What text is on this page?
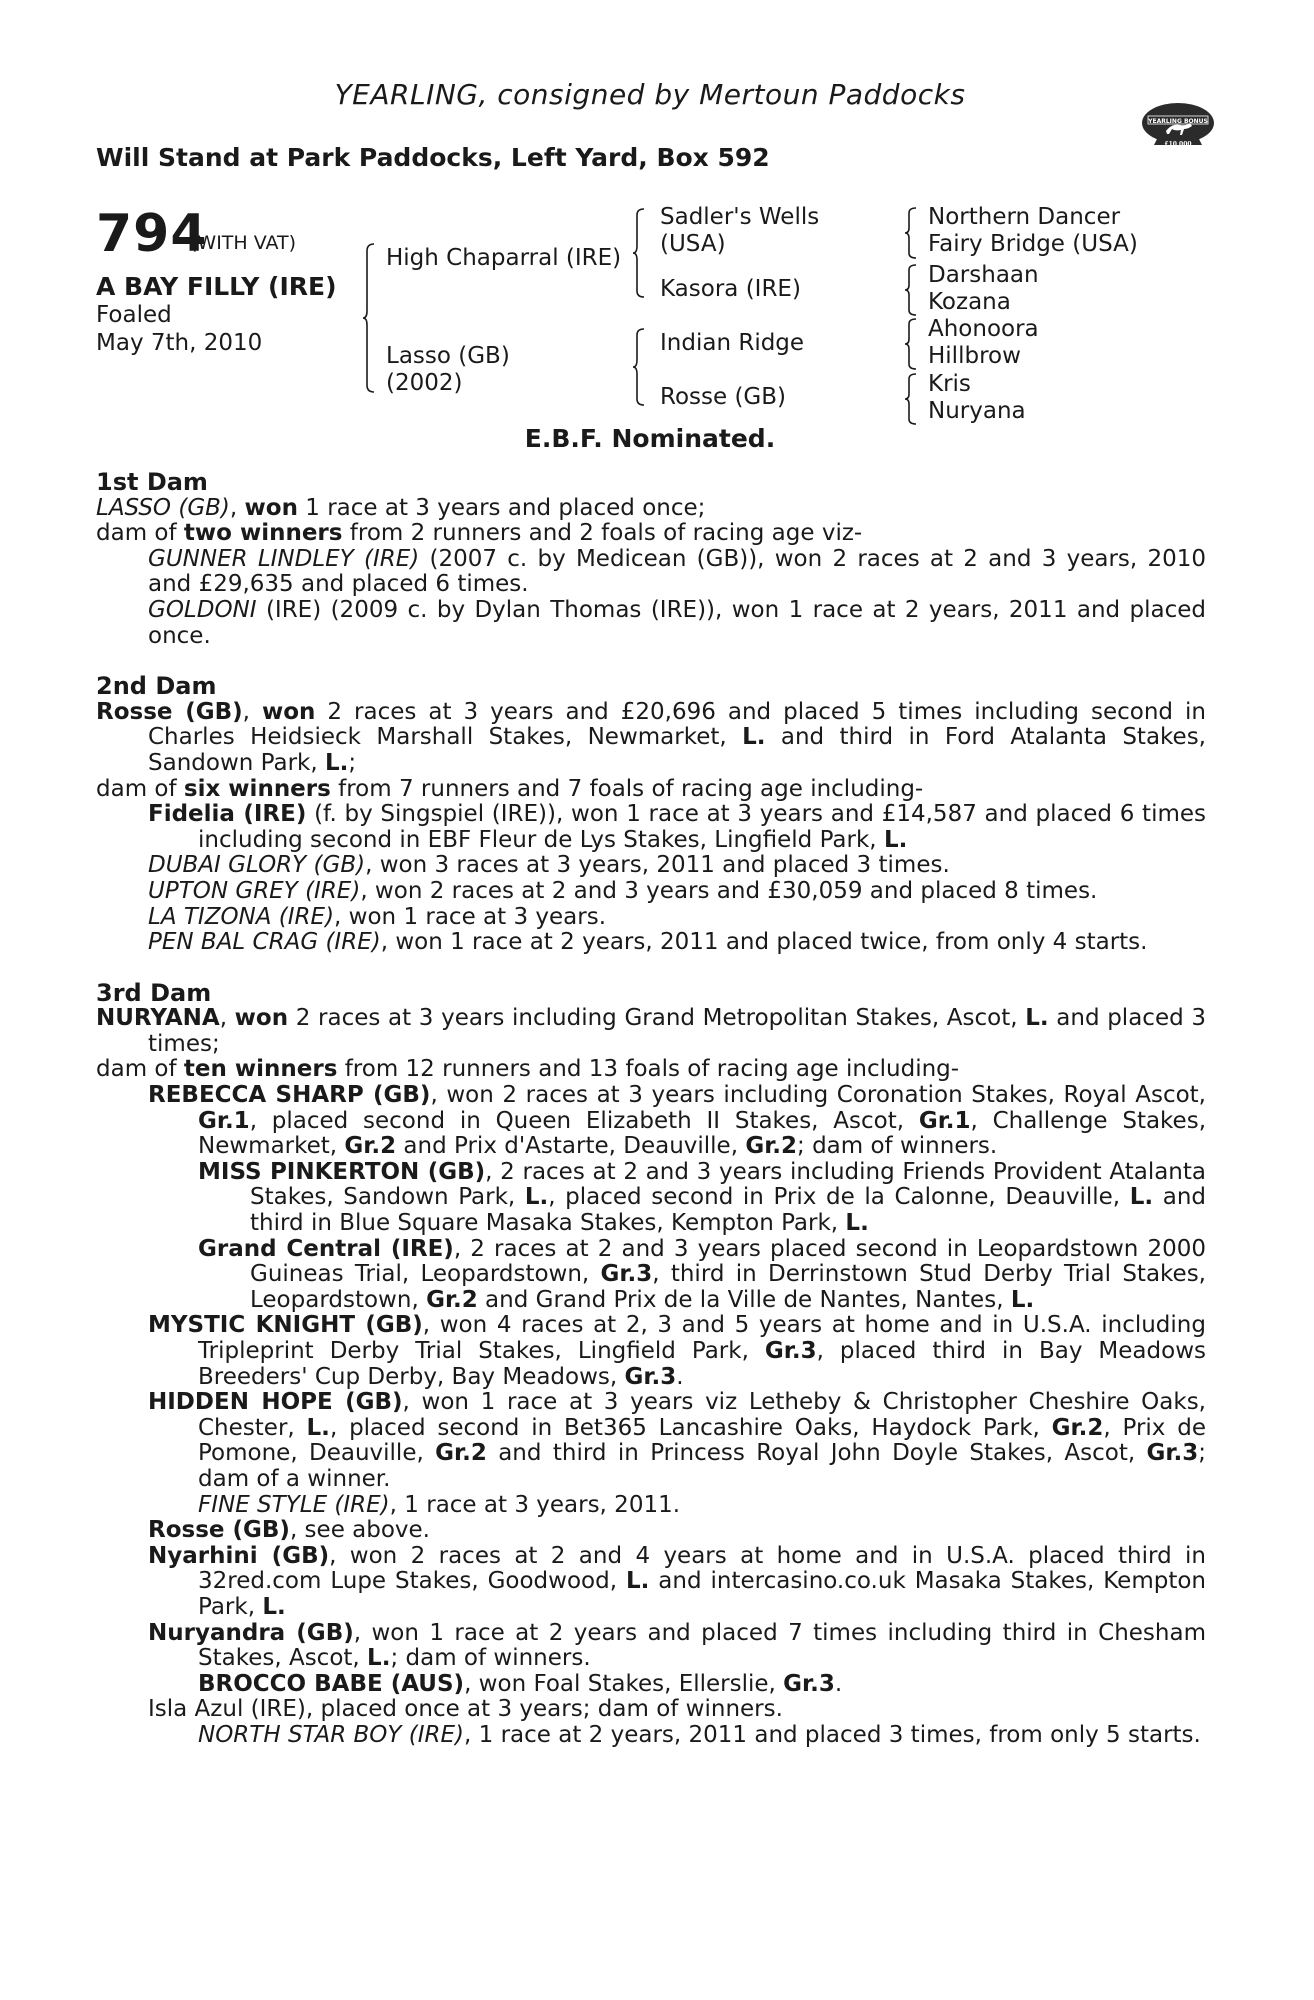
YEARLING, consigned by Mertoun Paddocks
Will Stand at Park Paddocks, Left Yard, Box 592
YEARLING BONUS
£10,000
794
(WITH VAT)
A BAY FILLY (IRE)
Foaled
May 7th, 2010
High Chaparral (IRE)
Lasso (GB)
(2002)
Sadler's Wells
(USA)
Kasora (IRE)
Indian Ridge
Rosse (GB)
Northern Dancer
Fairy Bridge (USA)
Darshaan
Kozana
Ahonoora
Hillbrow
Kris
Nuryana
E.B.F. Nominated.
1st Dam
LASSO (GB), won 1 race at 3 years and placed once;
dam of two winners from 2 runners and 2 foals of racing age viz-
GUNNER LINDLEY (IRE) (2007 c. by Medicean (GB)), won 2 races at 2 and 3 years, 2010 and £29,635 and placed 6 times.
GOLDONI (IRE) (2009 c. by Dylan Thomas (IRE)), won 1 race at 2 years, 2011 and placed once.
2nd Dam
Rosse (GB), won 2 races at 3 years and £20,696 and placed 5 times including second in Charles Heidsieck Marshall Stakes, Newmarket, L. and third in Ford Atalanta Stakes, Sandown Park, L.;
dam of six winners from 7 runners and 7 foals of racing age including-
Fidelia (IRE) (f. by Singspiel (IRE)), won 1 race at 3 years and £14,587 and placed 6 times including second in EBF Fleur de Lys Stakes, Lingfield Park, L.
DUBAI GLORY (GB), won 3 races at 3 years, 2011 and placed 3 times.
UPTON GREY (IRE), won 2 races at 2 and 3 years and £30,059 and placed 8 times.
LA TIZONA (IRE), won 1 race at 3 years.
PEN BAL CRAG (IRE), won 1 race at 2 years, 2011 and placed twice, from only 4 starts.
3rd Dam
NURYANA, won 2 races at 3 years including Grand Metropolitan Stakes, Ascot, L. and placed 3 times;
dam of ten winners from 12 runners and 13 foals of racing age including-
REBECCA SHARP (GB), won 2 races at 3 years including Coronation Stakes, Royal Ascot, Gr.1, placed second in Queen Elizabeth II Stakes, Ascot, Gr.1, Challenge Stakes, Newmarket, Gr.2 and Prix d'Astarte, Deauville, Gr.2; dam of winners.
MISS PINKERTON (GB), 2 races at 2 and 3 years including Friends Provident Atalanta Stakes, Sandown Park, L., placed second in Prix de la Calonne, Deauville, L. and third in Blue Square Masaka Stakes, Kempton Park, L.
Grand Central (IRE), 2 races at 2 and 3 years placed second in Leopardstown 2000 Guineas Trial, Leopardstown, Gr.3, third in Derrinstown Stud Derby Trial Stakes, Leopardstown, Gr.2 and Grand Prix de la Ville de Nantes, Nantes, L.
MYSTIC KNIGHT (GB), won 4 races at 2, 3 and 5 years at home and in U.S.A. including Tripleprint Derby Trial Stakes, Lingfield Park, Gr.3, placed third in Bay Meadows Breeders' Cup Derby, Bay Meadows, Gr.3.
HIDDEN HOPE (GB), won 1 race at 3 years viz Letheby & Christopher Cheshire Oaks, Chester, L., placed second in Bet365 Lancashire Oaks, Haydock Park, Gr.2, Prix de Pomone, Deauville, Gr.2 and third in Princess Royal John Doyle Stakes, Ascot, Gr.3; dam of a winner.
FINE STYLE (IRE), 1 race at 3 years, 2011.
Rosse (GB), see above.
Nyarhini (GB), won 2 races at 2 and 4 years at home and in U.S.A. placed third in 32red.com Lupe Stakes, Goodwood, L. and intercasino.co.uk Masaka Stakes, Kempton Park, L.
Nuryandra (GB), won 1 race at 2 years and placed 7 times including third in Chesham Stakes, Ascot, L.; dam of winners.
BROCCO BABE (AUS), won Foal Stakes, Ellerslie, Gr.3.
Isla Azul (IRE), placed once at 3 years; dam of winners.
NORTH STAR BOY (IRE), 1 race at 2 years, 2011 and placed 3 times, from only 5 starts.
